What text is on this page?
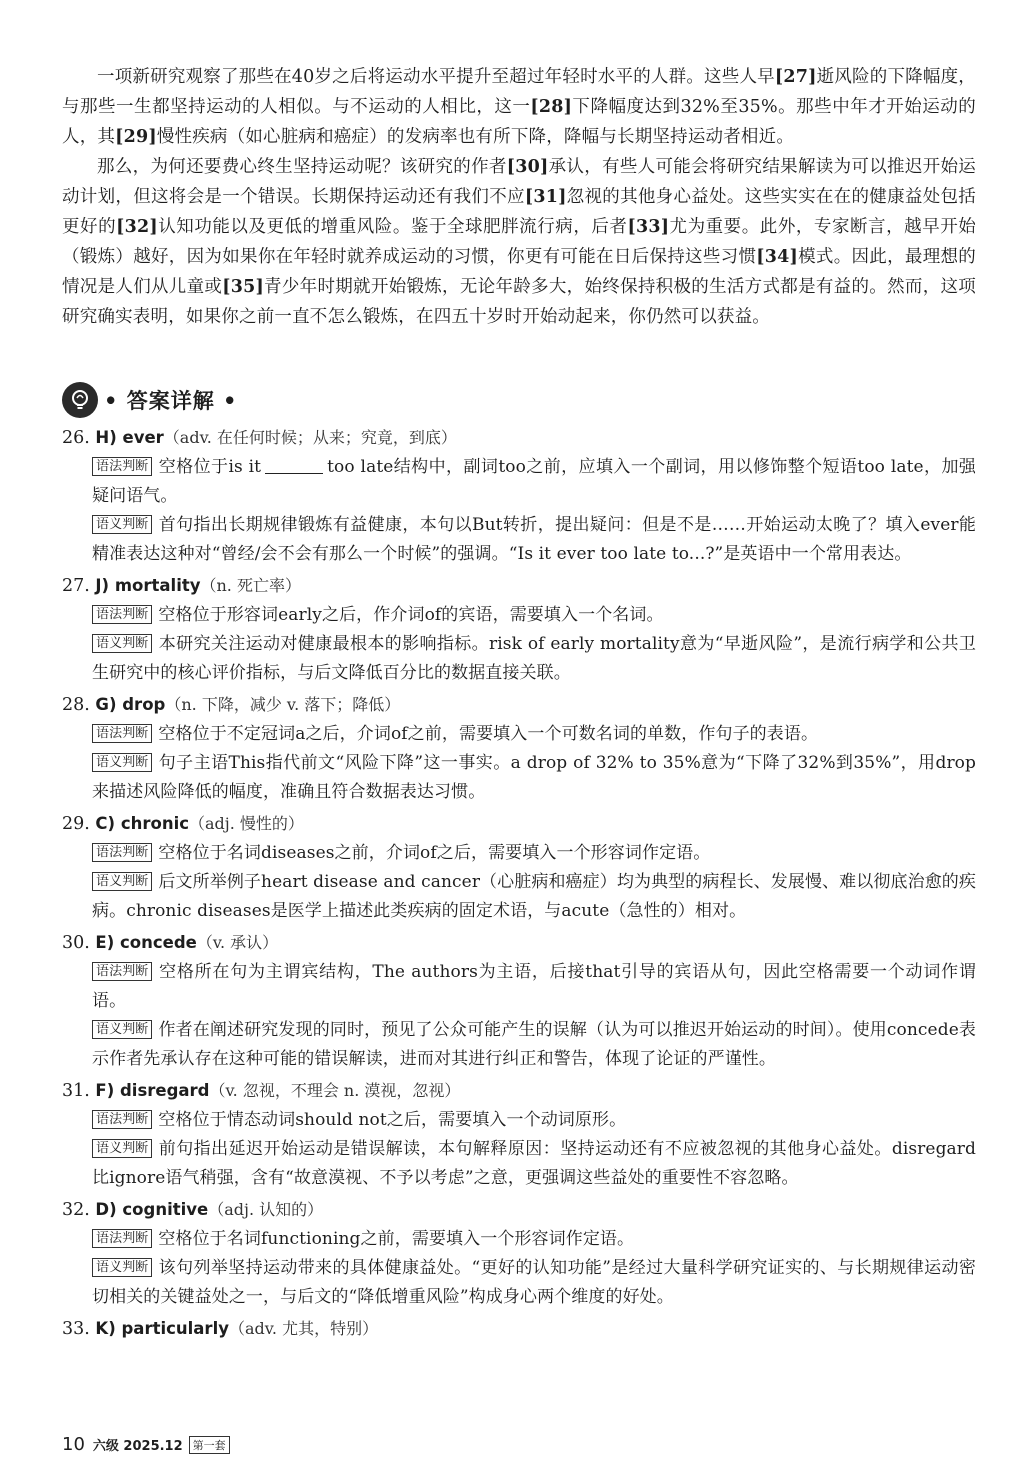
一项新研究观察了那些在40岁之后将运动水平提升至超过年轻时水平的人群。这些人早[27]逝风险的下降幅度，与那些一生都坚持运动的人相似。与不运动的人相比，这一[28]下降幅度达到32%至35%。那些中年才开始运动的人，其[29]慢性疾病（如心脏病和癌症）的发病率也有所下降，降幅与长期坚持运动者相近。

那么，为何还要费心终生坚持运动呢？该研究的作者[30]承认，有些人可能会将研究结果解读为可以推迟开始运动计划，但这将会是一个错误。长期保持运动还有我们不应[31]忽视的其他身心益处。这些实实在在的健康益处包括更好的[32]认知功能以及更低的增重风险。鉴于全球肥胖流行病，后者[33]尤为重要。此外，专家断言，越早开始（锻炼）越好，因为如果你在年轻时就养成运动的习惯，你更有可能在日后保持这些习惯[34]模式。因此，最理想的情况是人们从儿童或[35]青少年时期就开始锻炼，无论年龄多大，始终保持积极的生活方式都是有益的。然而，这项研究确实表明，如果你之前一直不怎么锻炼，在四五十岁时开始动起来，你仍然可以获益。

• 答案详解 •
26. H) ever（adv. 在任何时候；从来；究竟，到底）
语法判断 空格位于is it	too late结构中，副词too之前，应填入一个副词，用以修饰整个短语too late，加强疑问语气。
语义判断 首句指出长期规律锻炼有益健康，本句以But转折，提出疑问：但是不是……开始运动太晚了？填入ever能精准表达这种对“曾经/会不会有那么一个时候”的强调。“Is it ever too late to...?”是英语中一个常用表达。
27. J) mortality（n. 死亡率）
语法判断 空格位于形容词early之后，作介词of的宾语，需要填入一个名词。
语义判断 本研究关注运动对健康最根本的影响指标。risk of early mortality意为“早逝风险”，是流行病学和公共卫生研究中的核心评价指标，与后文降低百分比的数据直接关联。
28. G) drop（n. 下降，减少 v. 落下；降低）
语法判断 空格位于不定冠词a之后，介词of之前，需要填入一个可数名词的单数，作句子的表语。
语义判断 句子主语This指代前文“风险下降”这一事实。a drop of 32% to 35%意为“下降了32%到35%”，用drop来描述风险降低的幅度，准确且符合数据表达习惯。
29. C) chronic（adj. 慢性的）
语法判断 空格位于名词diseases之前，介词of之后，需要填入一个形容词作定语。
语义判断 后文所举例子heart disease and cancer（心脏病和癌症）均为典型的病程长、发展慢、难以彻底治愈的疾病。chronic diseases是医学上描述此类疾病的固定术语，与acute（急性的）相对。
30. E) concede（v. 承认）
语法判断 空格所在句为主谓宾结构，The authors为主语，后接that引导的宾语从句，因此空格需要一个动词作谓语。
语义判断 作者在阐述研究发现的同时，预见了公众可能产生的误解（认为可以推迟开始运动的时间）。使用concede表示作者先承认存在这种可能的错误解读，进而对其进行纠正和警告，体现了论证的严谨性。
31. F) disregard（v. 忽视，不理会 n. 漠视，忽视）
语法判断 空格位于情态动词should not之后，需要填入一个动词原形。
语义判断 前句指出延迟开始运动是错误解读，本句解释原因：坚持运动还有不应被忽视的其他身心益处。disregard比ignore语气稍强，含有“故意漠视、不予以考虑”之意，更强调这些益处的重要性不容忽略。
32. D) cognitive（adj. 认知的）
语法判断 空格位于名词functioning之前，需要填入一个形容词作定语。
语义判断 该句列举坚持运动带来的具体健康益处。“更好的认知功能”是经过大量科学研究证实的、与长期规律运动密切相关的关键益处之一，与后文的“降低增重风险”构成身心两个维度的好处。
33. K) particularly（adv. 尤其，特别）
10 六级 2025.12 第一套
